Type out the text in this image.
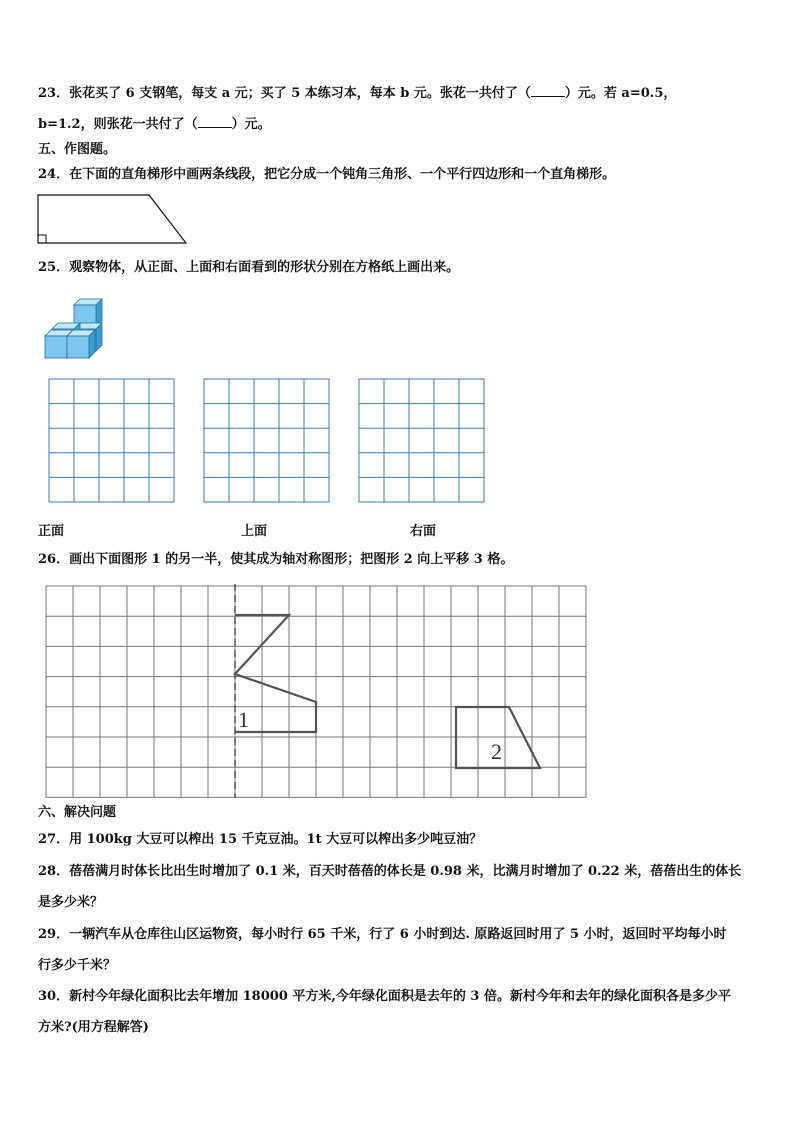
23．张花买了 6 支钢笔，每支 a 元；买了 5 本练习本，每本 b 元。张花一共付了（	）元。若 a=0.5，
b=1.2，则张花一共付了（	）元。
五、作图题。
24．在下面的直角梯形中画两条线段，把它分成一个钝角三角形、一个平行四边形和一个直角梯形。
25．观察物体，从正面、上面和右面看到的形状分别在方格纸上画出来。
正面	上面	右面
26．画出下面图形 1 的另一半，使其成为轴对称图形；把图形 2 向上平移 3 格。
1
2
六、解决问题
27．用 100kg 大豆可以榨出 15 千克豆油。1t 大豆可以榨出多少吨豆油？
28．蓓蓓满月时体长比出生时增加了 0.1 米，百天时蓓蓓的体长是 0.98 米，比满月时增加了 0.22 米，蓓蓓出生的体长
是多少米？
29．一辆汽车从仓库往山区运物资，每小时行 65 千米，行了 6 小时到达. 原路返回时用了 5 小时，返回时平均每小时
行多少千米？
30．新村今年绿化面积比去年增加 18000 平方米,今年绿化面积是去年的 3 倍。新村今年和去年的绿化面积各是多少平
方米?(用方程解答)
